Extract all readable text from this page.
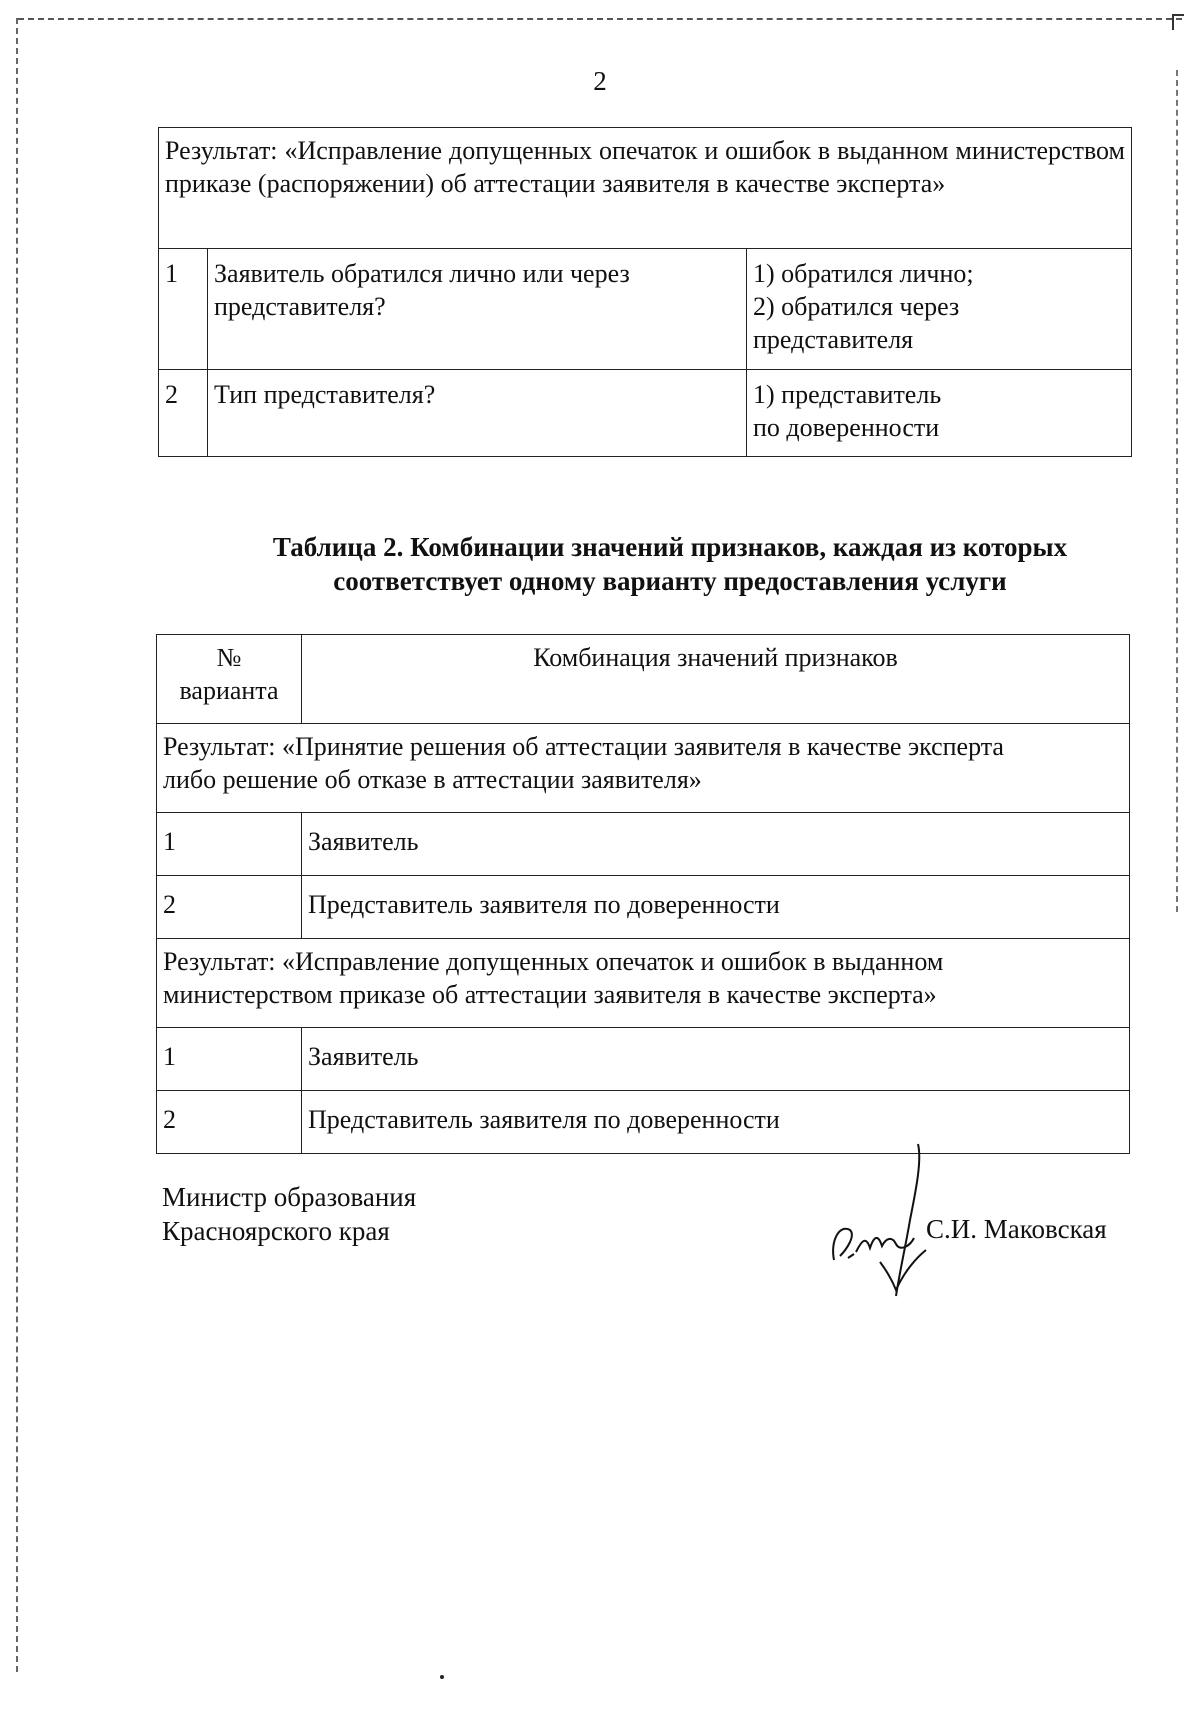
2
Результат: «Исправление допущенных опечаток и ошибок в выданном министерством приказе (распоряжении) об аттестации заявителя в качестве эксперта»		
1	Заявитель обратился лично или через представителя?	1) обратился лично;
2) обратился через
представителя

2	Тип представителя?	1) представитель
по доверенности
Таблица 2. Комбинации значений признаков, каждая из которых
соответствует одному варианту предоставления услуги
№
варианта	Комбинация значений признаков

Результат: «Принятие решения об аттестации заявителя в качестве эксперта
либо решение об отказе в аттестации заявителя»	

1	Заявитель
2	Представитель заявителя по доверенности

Результат: «Исправление допущенных опечаток и ошибок в выданном
министерством приказе об аттестации заявителя в качестве эксперта»	

1	Заявитель
2	Представитель заявителя по доверенности
Министр образования
Красноярского края	С.И. Маковская
